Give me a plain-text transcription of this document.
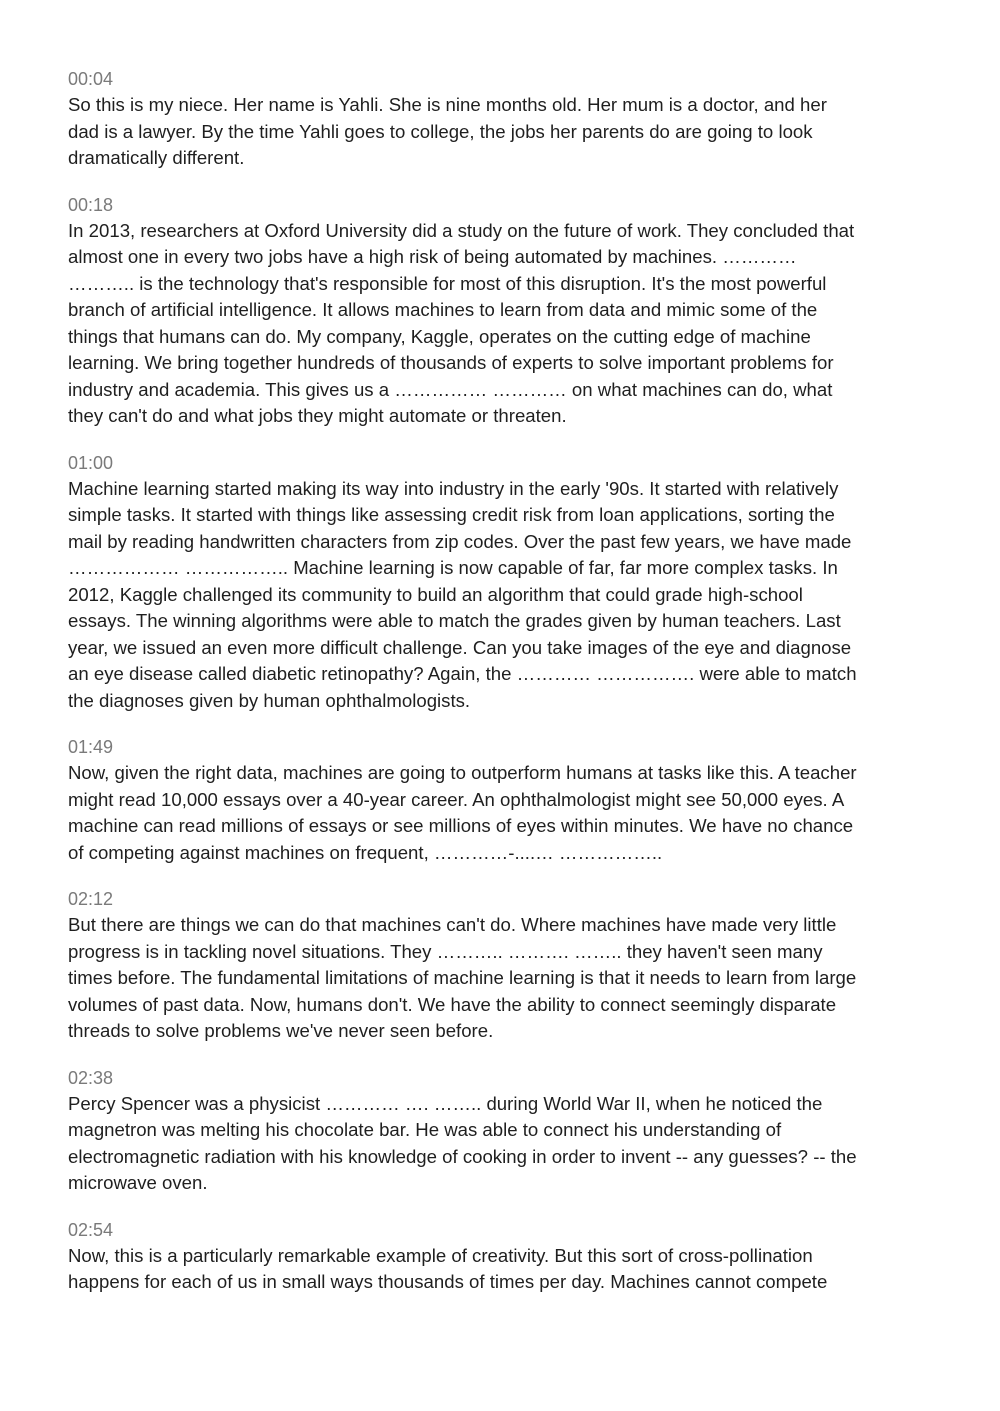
00:04
So this is my niece. Her name is Yahli. She is nine months old. Her mum is a doctor, and her
dad is a lawyer. By the time Yahli goes to college, the jobs her parents do are going to look
dramatically different.
00:18
In 2013, researchers at Oxford University did a study on the future of work. They concluded that
almost one in every two jobs have a high risk of being automated by machines. …………
……….. is the technology that's responsible for most of this disruption. It's the most powerful
branch of artificial intelligence. It allows machines to learn from data and mimic some of the
things that humans can do. My company, Kaggle, operates on the cutting edge of machine
learning. We bring together hundreds of thousands of experts to solve important problems for
industry and academia. This gives us a …………… ………… on what machines can do, what
they can't do and what jobs they might automate or threaten.
01:00
Machine learning started making its way into industry in the early '90s. It started with relatively
simple tasks. It started with things like assessing credit risk from loan applications, sorting the
mail by reading handwritten characters from zip codes. Over the past few years, we have made
……………… …………….. Machine learning is now capable of far, far more complex tasks. In
2012, Kaggle challenged its community to build an algorithm that could grade high-school
essays. The winning algorithms were able to match the grades given by human teachers. Last
year, we issued an even more difficult challenge. Can you take images of the eye and diagnose
an eye disease called diabetic retinopathy? Again, the ………… ……………. were able to match
the diagnoses given by human ophthalmologists.
01:49
Now, given the right data, machines are going to outperform humans at tasks like this. A teacher
might read 10,000 essays over a 40-year career. An ophthalmologist might see 50,000 eyes. A
machine can read millions of essays or see millions of eyes within minutes. We have no chance
of competing against machines on frequent, …………-....… ……………..
02:12
But there are things we can do that machines can't do. Where machines have made very little
progress is in tackling novel situations. They ……….. ………. …….. they haven't seen many
times before. The fundamental limitations of machine learning is that it needs to learn from large
volumes of past data. Now, humans don't. We have the ability to connect seemingly disparate
threads to solve problems we've never seen before.
02:38
Percy Spencer was a physicist ………… …. …….. during World War II, when he noticed the
magnetron was melting his chocolate bar. He was able to connect his understanding of
electromagnetic radiation with his knowledge of cooking in order to invent -- any guesses? -- the
microwave oven.
02:54
Now, this is a particularly remarkable example of creativity. But this sort of cross-pollination
happens for each of us in small ways thousands of times per day. Machines cannot compete
